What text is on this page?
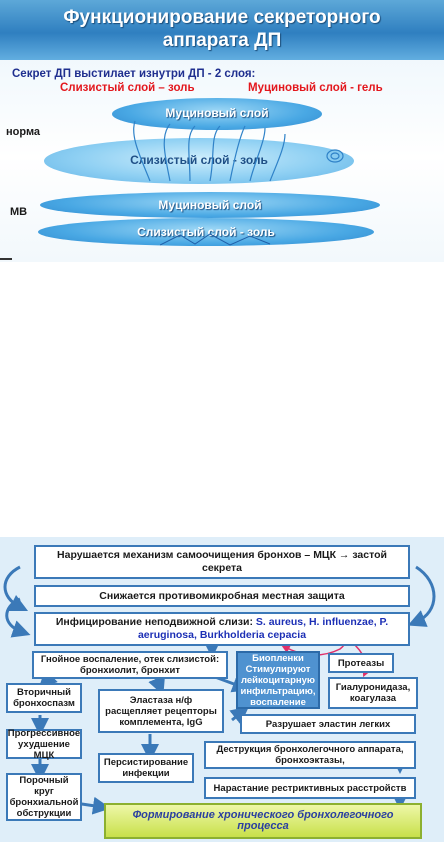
Функционирование секреторного
аппарата ДП
Секрет ДП выстилает изнутри ДП - 2 слоя:
Слизистый слой – золь	Муциновый слой - гель
норма
МВ
Муциновый слой
Слизистый слой - золь
Муциновый слой
Слизистый слой - золь
Нарушается механизм самоочищения бронхов – МЦК → застой секрета
Снижается противомикробная местная защита
Инфицирование неподвижной слизи: S. aureus, H. influenzae, P. aeruginosa, Burkholderia cepacia
Гнойное воспаление, отек слизистой: бронхиолит, бронхит
Биопленки Стимулируют лейкоцитарную инфильтрацию, воспаление
Протеазы
Гиалуронидаза, коагулаза
Вторичный бронхоспазм	Эластаза н/ф расщепляет рецепторы комплемента, IgG	Разрушает эластин легких
Прогрессивное ухудшение МЦК
Персистирование инфекции
Деструкция бронхолегочного аппарата, бронхоэктазы,
Порочный круг бронхиальной обструкции
Нарастание рестриктивных расстройств
Формирование хронического бронхолегочного процесса
